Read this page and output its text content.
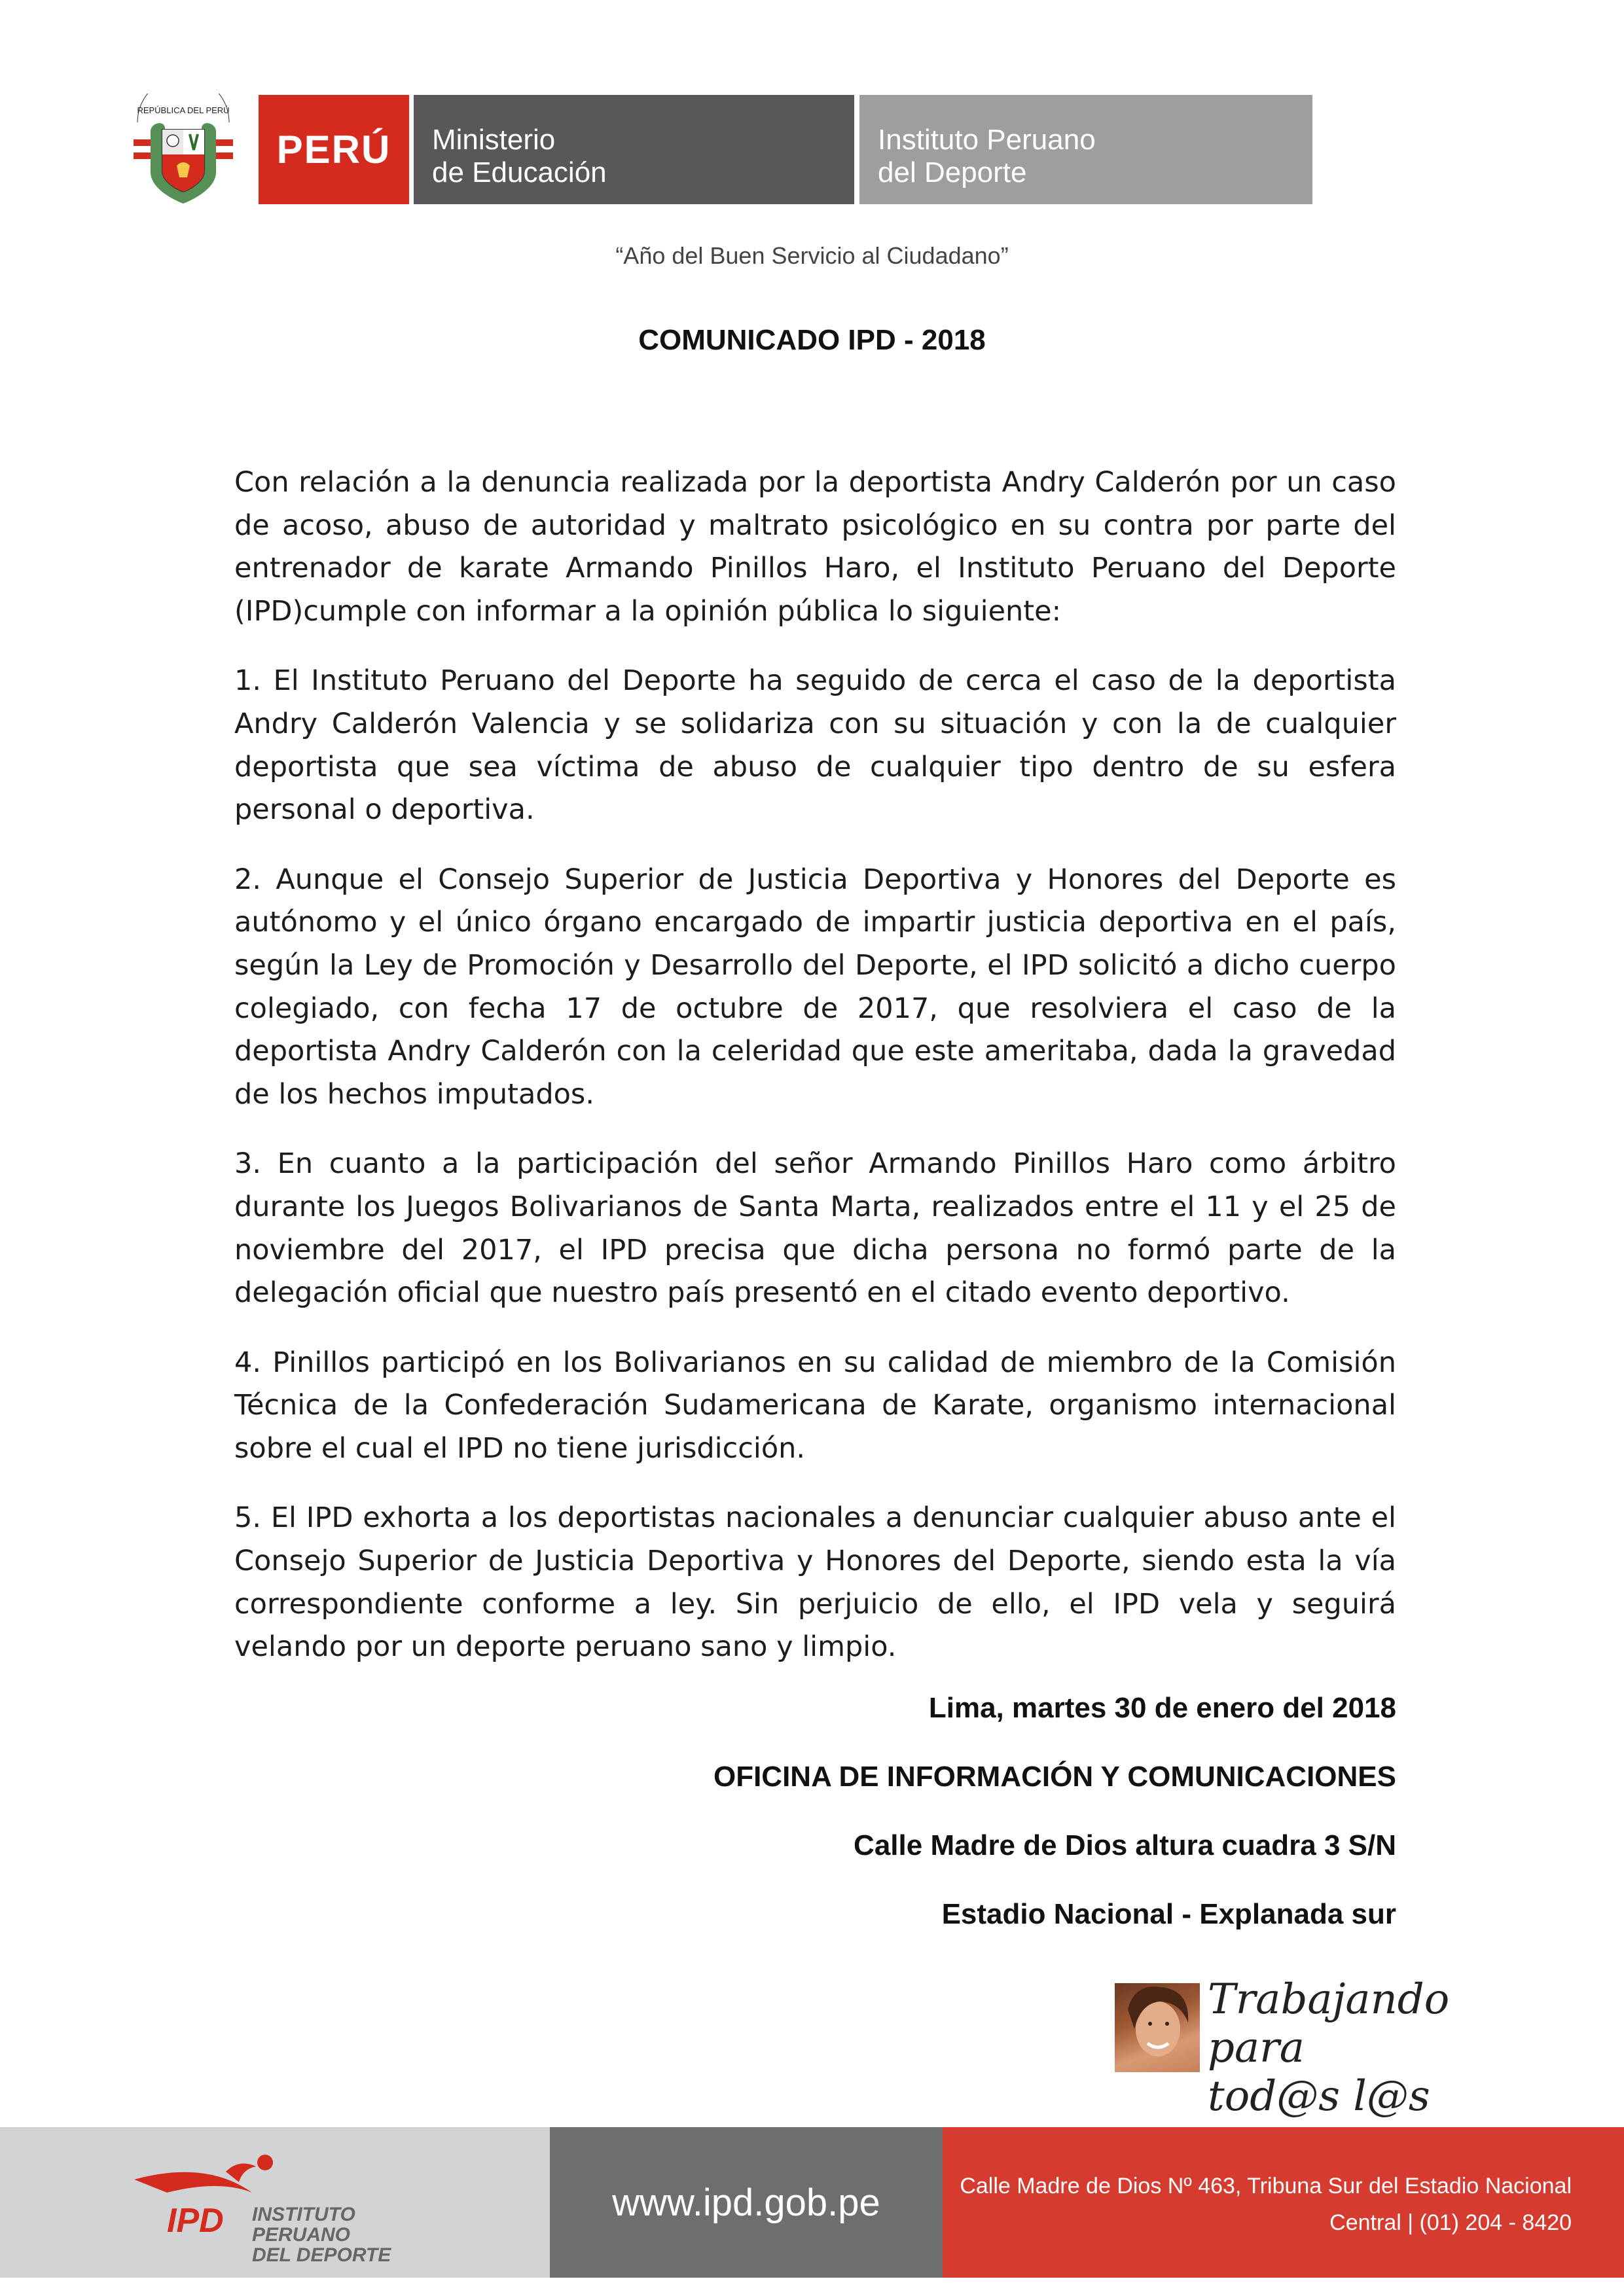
REPÚBLICA DEL PERÚ
PERÚ Ministerio
de Educación
Instituto Peruano
del Deporte
“Año del Buen Servicio al Ciudadano”
COMUNICADO IPD - 2018

Con relación a la denuncia realizada por la deportista Andry Calderón por un caso de acoso, abuso de autoridad y maltrato psicológico en su contra por parte del entrenador de karate Armando Pinillos Haro, el Instituto Peruano del Deporte (IPD)cumple con informar a la opinión pública lo siguiente:

1. El Instituto Peruano del Deporte ha seguido de cerca el caso de la deportista Andry Calderón Valencia y se solidariza con su situación y con la de cualquier deportista que sea víctima de abuso de cualquier tipo dentro de su esfera personal o deportiva.

2. Aunque el Consejo Superior de Justicia Deportiva y Honores del Deporte es autónomo y el único órgano encargado de impartir justicia deportiva en el país, según la Ley de Promoción y Desarrollo del Deporte, el IPD solicitó a dicho cuerpo colegiado, con fecha 17 de octubre de 2017, que resolviera el caso de la deportista Andry Calderón con la celeridad que este ameritaba, dada la gravedad de los hechos imputados.

3. En cuanto a la participación del señor Armando Pinillos Haro como árbitro durante los Juegos Bolivarianos de Santa Marta, realizados entre el 11 y el 25 de noviembre del 2017, el IPD precisa que dicha persona no formó parte de la delegación oficial que nuestro país presentó en el citado evento deportivo.

4. Pinillos participó en los Bolivarianos en su calidad de miembro de la Comisión Técnica de la Confederación Sudamericana de Karate, organismo internacional sobre el cual el IPD no tiene jurisdicción.

5. El IPD exhorta a los deportistas nacionales a denunciar cualquier abuso ante el Consejo Superior de Justicia Deportiva y Honores del Deporte, siendo esta la vía correspondiente conforme a ley. Sin perjuicio de ello, el IPD vela y seguirá velando por un deporte peruano sano y limpio.

Lima, martes 30 de enero del 2018
OFICINA DE INFORMACIÓN Y COMUNICACIONES
Calle Madre de Dios altura cuadra 3 S/N
Estadio Nacional - Explanada sur
Trabajando para
tod@s l@s
IPD INSTITUTO
PERUANO
DEL DEPORTE
www.ipd.gob.pe	Calle Madre de Dios Nº 463, Tribuna Sur del Estadio Nacional
Central | (01) 204 - 8420
